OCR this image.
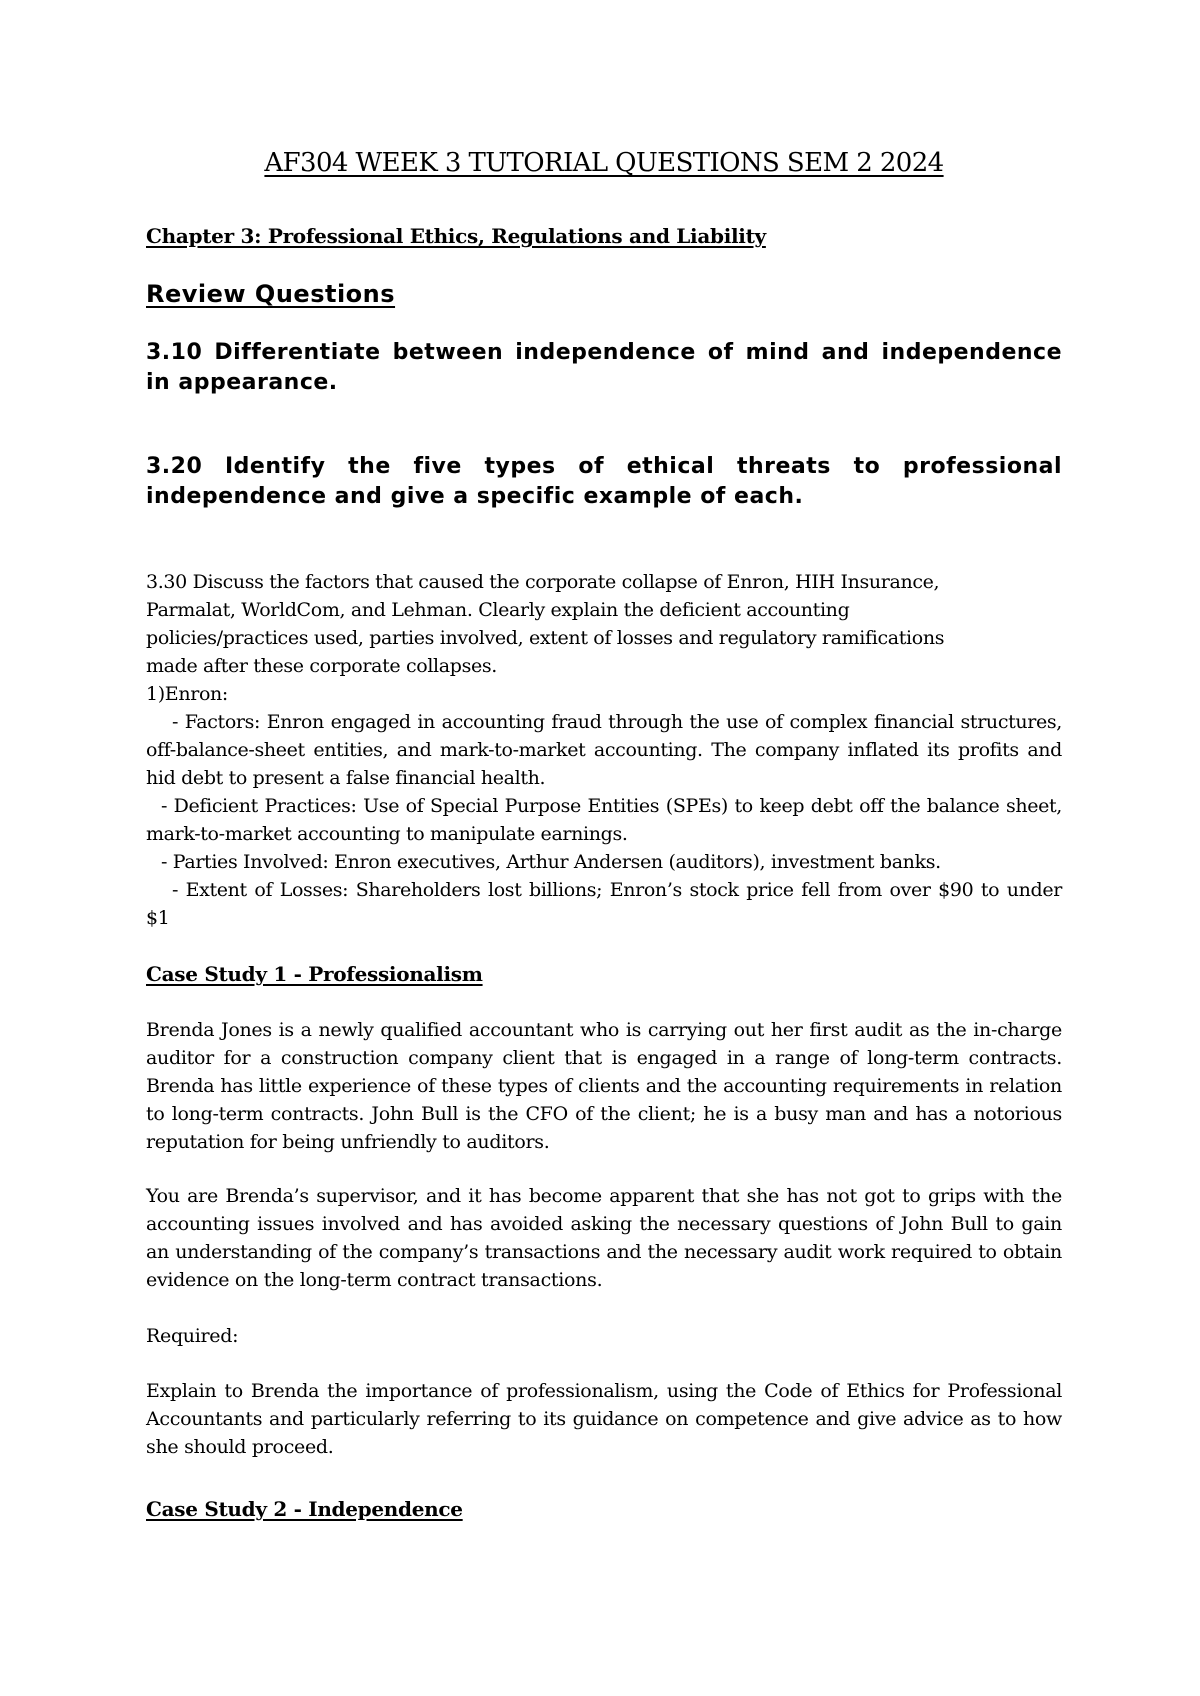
AF304 WEEK 3 TUTORIAL QUESTIONS SEM 2 2024
Chapter 3: Professional Ethics, Regulations and Liability
Review Questions
3.10 Differentiate between independence of mind and independence in appearance.
3.20 Identify the five types of ethical threats to professional independence and give a specific example of each.

3.30 Discuss the factors that caused the corporate collapse of Enron, HIH Insurance,

Parmalat, WorldCom, and Lehman. Clearly explain the deficient accounting

policies/practices used, parties involved, extent of losses and regulatory ramifications

made after these corporate collapses.

1)Enron:

- Factors: Enron engaged in accounting fraud through the use of complex financial structures, off-balance-sheet entities, and mark-to-market accounting. The company inflated its profits and hid debt to present a false financial health.

- Deficient Practices: Use of Special Purpose Entities (SPEs) to keep debt off the balance sheet, mark-to-market accounting to manipulate earnings.

- Parties Involved: Enron executives, Arthur Andersen (auditors), investment banks.

- Extent of Losses: Shareholders lost billions; Enron’s stock price fell from over $90 to under $1

Case Study 1 - Professionalism
Brenda Jones is a newly qualified accountant who is carrying out her first audit as the in-charge auditor for a construction company client that is engaged in a range of long-term contracts. Brenda has little experience of these types of clients and the accounting requirements in relation to long-term contracts. John Bull is the CFO of the client; he is a busy man and has a notorious reputation for being unfriendly to auditors.
You are Brenda’s supervisor, and it has become apparent that she has not got to grips with the accounting issues involved and has avoided asking the necessary questions of John Bull to gain an understanding of the company’s transactions and the necessary audit work required to obtain evidence on the long-term contract transactions.
Required:
Explain to Brenda the importance of professionalism, using the Code of Ethics for Professional Accountants and particularly referring to its guidance on competence and give advice as to how she should proceed.
Case Study 2 - Independence
